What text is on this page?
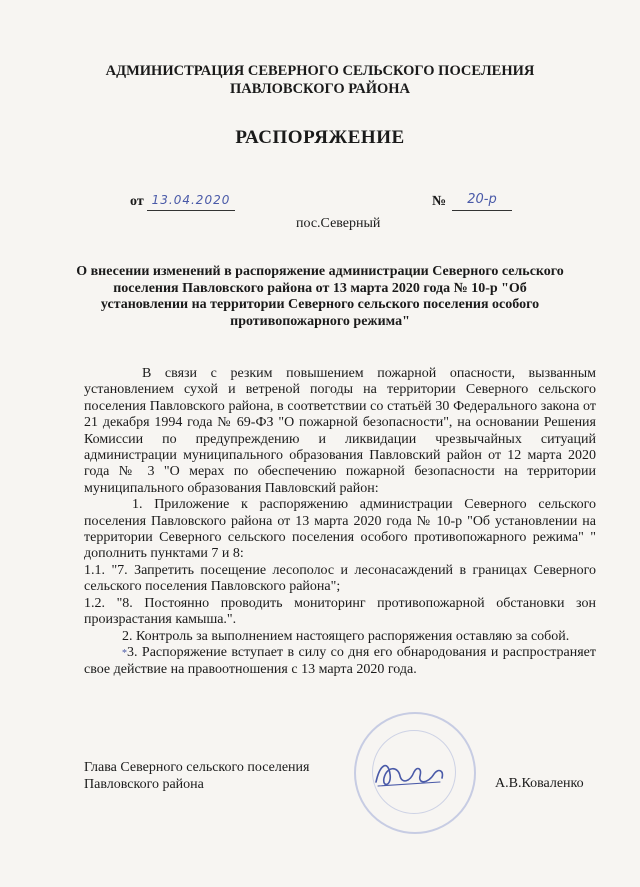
АДМИНИСТРАЦИЯ СЕВЕРНОГО СЕЛЬСКОГО ПОСЕЛЕНИЯ
ПАВЛОВСКОГО РАЙОНА
РАСПОРЯЖЕНИЕ
от 13.04.2020	№	20-р
пос.Северный
О внесении изменений в распоряжение администрации Северного сельского поселения Павловского района от 13 марта 2020 года № 10-р "Об установлении на территории Северного сельского поселения особого противопожарного режима"

В связи с резким повышением пожарной опасности, вызванным установлением сухой и ветреной погоды на территории Северного сельского поселения Павловского района, в соответствии со статьёй 30 Федерального закона от 21 декабря 1994 года № 69-ФЗ "О пожарной безопасности", на основании Решения Комиссии по предупреждению и ликвидации чрезвычайных ситуаций администрации муниципального образования Павловский район от 12 марта 2020 года № 3 "О мерах по обеспечению пожарной безопасности на территории муниципального образования Павловский район:

1. Приложение к распоряжению администрации Северного сельского поселения Павловского района от 13 марта 2020 года № 10-р "Об установлении на территории Северного сельского поселения особого противопожарного режима" " дополнить пунктами 7 и 8:

1.1. "7. Запретить посещение лесополос и лесонасаждений в границах Северного сельского поселения Павловского района";

1.2. "8. Постоянно проводить мониторинг противопожарной обстановки зон произрастания камыша.".

2. Контроль за выполнением настоящего распоряжения оставляю за собой.

*3. Распоряжение вступает в силу со дня его обнародования и распространяет свое действие на правоотношения с 13 марта 2020 года.

Глава Северного сельского поселения
Павловского района	А.В.Коваленко
